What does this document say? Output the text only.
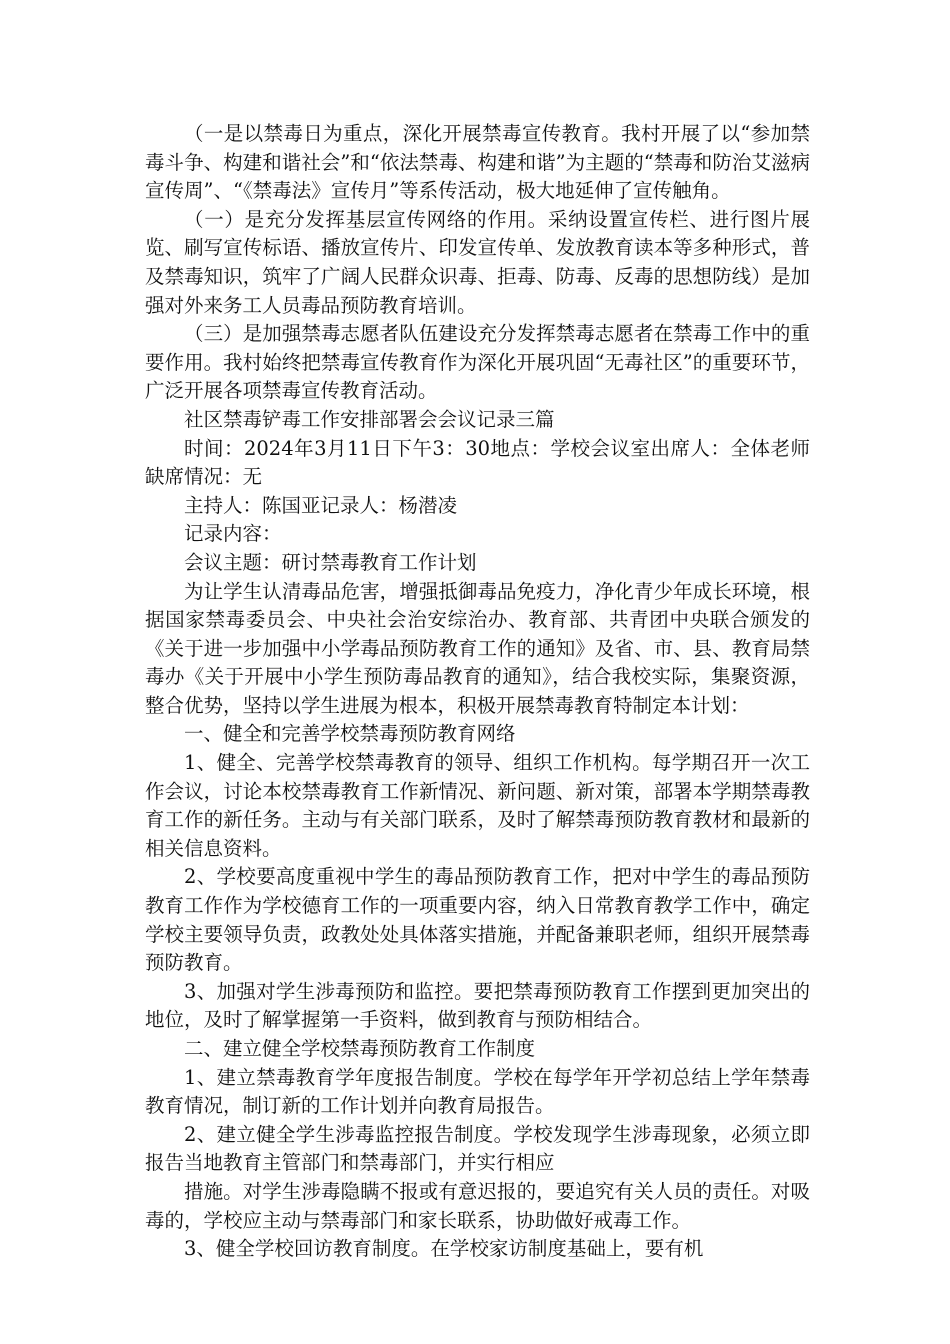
（一是以禁毒日为重点，深化开展禁毒宣传教育。我村开展了以“参加禁毒斗争、构建和谐社会”和“依法禁毒、构建和谐”为主题的“禁毒和防治艾滋病宣传周”、“《禁毒法》宣传月”等系传活动，极大地延伸了宣传触角。

（一）是充分发挥基层宣传网络的作用。采纳设置宣传栏、进行图片展览、刷写宣传标语、播放宣传片、印发宣传单、发放教育读本等多种形式，普及禁毒知识，筑牢了广阔人民群众识毒、拒毒、防毒、反毒的思想防线）是加强对外来务工人员毒品预防教育培训。

（三）是加强禁毒志愿者队伍建设充分发挥禁毒志愿者在禁毒工作中的重要作用。我村始终把禁毒宣传教育作为深化开展巩固“无毒社区”的重要环节，广泛开展各项禁毒宣传教育活动。

社区禁毒铲毒工作安排部署会会议记录三篇

时间：2024年3月11日下午3：30地点：学校会议室出席人：全体老师缺席情况：无

主持人：陈国亚记录人：杨潜凌

记录内容：

会议主题：研讨禁毒教育工作计划

为让学生认清毒品危害，增强抵御毒品免疫力，净化青少年成长环境，根据国家禁毒委员会、中央社会治安综治办、教育部、共青团中央联合颁发的《关于进一步加强中小学毒品预防教育工作的通知》及省、市、县、教育局禁毒办《关于开展中小学生预防毒品教育的通知》，结合我校实际，集聚资源，整合优势，坚持以学生进展为根本，积极开展禁毒教育特制定本计划：

一、健全和完善学校禁毒预防教育网络

1、健全、完善学校禁毒教育的领导、组织工作机构。每学期召开一次工作会议，讨论本校禁毒教育工作新情况、新问题、新对策，部署本学期禁毒教育工作的新任务。主动与有关部门联系，及时了解禁毒预防教育教材和最新的相关信息资料。

2、学校要高度重视中学生的毒品预防教育工作，把对中学生的毒品预防教育工作作为学校德育工作的一项重要内容，纳入日常教育教学工作中，确定学校主要领导负责，政教处处具体落实措施，并配备兼职老师，组织开展禁毒预防教育。

3、加强对学生涉毒预防和监控。要把禁毒预防教育工作摆到更加突出的地位，及时了解掌握第一手资料，做到教育与预防相结合。

二、建立健全学校禁毒预防教育工作制度

1、建立禁毒教育学年度报告制度。学校在每学年开学初总结上学年禁毒教育情况，制订新的工作计划并向教育局报告。

2、建立健全学生涉毒监控报告制度。学校发现学生涉毒现象，必须立即报告当地教育主管部门和禁毒部门，并实行相应

措施。对学生涉毒隐瞒不报或有意迟报的，要追究有关人员的责任。对吸毒的，学校应主动与禁毒部门和家长联系，协助做好戒毒工作。

3、健全学校回访教育制度。在学校家访制度基础上，要有机
